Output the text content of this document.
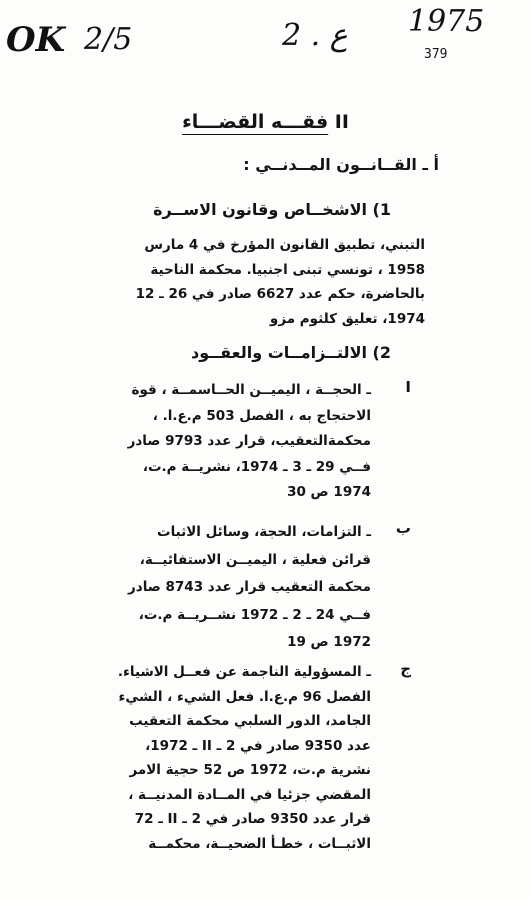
OK 2/5	2 . ع 1975
379
II فقـــه القضـــاء
أ ـ القــانــون المــدنــي :
1) الاشخــاص وقانون الاســرة
التبني، تطبيق القانون المؤرخ في 4 مارس
1958 ، تونسي تبنى اجنبيا. محكمة الناحية
بالحاضرة، حكم عدد 6627 صادر في 26 ـ 12
1974، تعليق كلثوم مزو
2) الالتــزامــات والعقــود
I
ـ الحجــة ، اليميــن الحــاسمــة ، قوة
الاحتجاج به ، الفصل 503 م.ع.ا. ،
محكمةالتعقيب، قرار عدد 9793 صادر
فــي 29 ـ 3 ـ 1974، نشريــة م.ت،
1974 ص 30
ب
ـ التزامات، الحجة، وسائل الاثبات
قرائن فعلية ، اليميــن الاستفائيــة،
محكمة التعقيب قرار عدد 8743 صادر
فــي 24 ـ 2 ـ 1972 نشــريــة م.ت،
1972 ص 19
ج
ـ المسؤولية الناجمة عن فعــل الاشياء.
الفصل 96 م.ع.ا. فعل الشيء ، الشيء
الجامد، الدور السلبي محكمة التعقيب
عدد 9350 صادر في 2 ـ II ـ 1972،
نشرية م.ت، 1972 ص 52 حجية الامر
المقضي جزئيا في المــادة المدنيــة ،
قرار عدد 9350 صادر في 2 ـ II ـ 72
الاثبــات ، خطـأ الضحيــة، محكمــة
